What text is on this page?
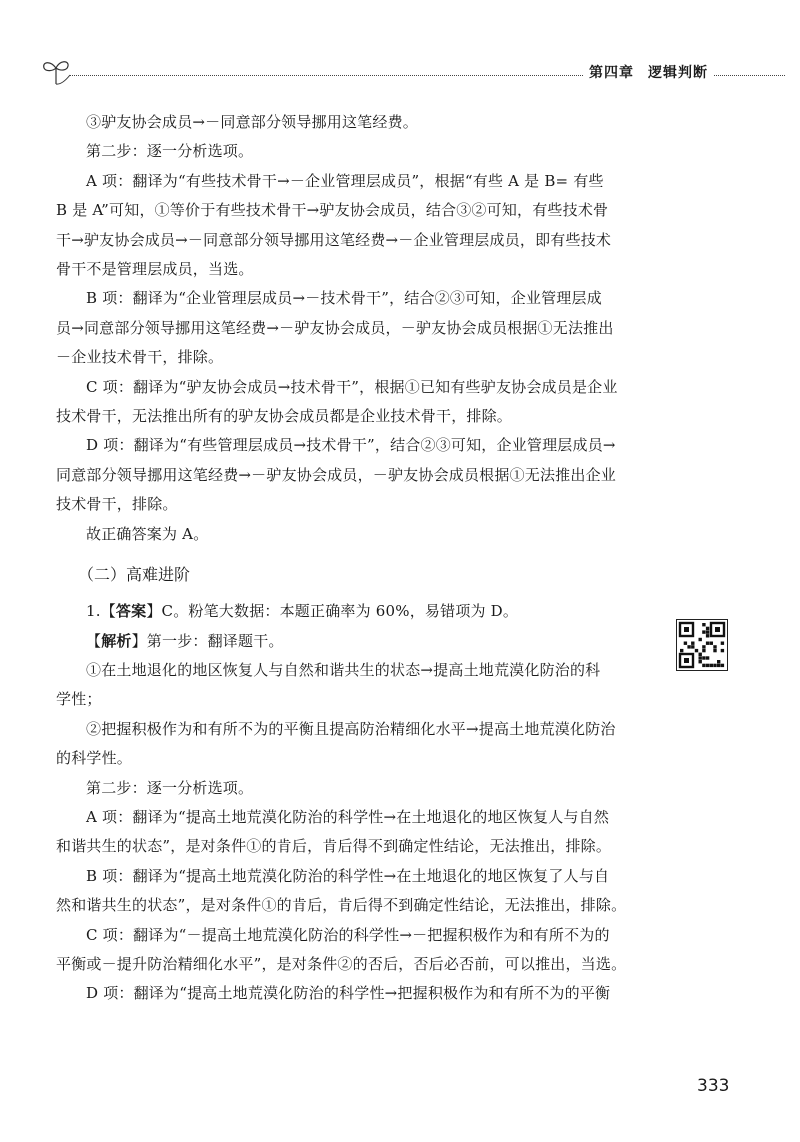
第四章 逻辑判断
③驴友协会成员→－同意部分领导挪用这笔经费。
第二步：逐一分析选项。
A 项：翻译为“有些技术骨干→－企业管理层成员”，根据“有些 A 是 B= 有些
B 是 A”可知，①等价于有些技术骨干→驴友协会成员，结合③②可知，有些技术骨
干→驴友协会成员→－同意部分领导挪用这笔经费→－企业管理层成员，即有些技术
骨干不是管理层成员，当选。
B 项：翻译为“企业管理层成员→－技术骨干”，结合②③可知，企业管理层成
员→同意部分领导挪用这笔经费→－驴友协会成员，－驴友协会成员根据①无法推出
－企业技术骨干，排除。
C 项：翻译为“驴友协会成员→技术骨干”，根据①已知有些驴友协会成员是企业
技术骨干，无法推出所有的驴友协会成员都是企业技术骨干，排除。
D 项：翻译为“有些管理层成员→技术骨干”，结合②③可知，企业管理层成员→
同意部分领导挪用这笔经费→－驴友协会成员，－驴友协会成员根据①无法推出企业
技术骨干，排除。
故正确答案为 A。
（二）高难进阶
1.【答案】C。粉笔大数据：本题正确率为 60%，易错项为 D。
【解析】第一步：翻译题干。
①在土地退化的地区恢复人与自然和谐共生的状态→提高土地荒漠化防治的科
学性；
②把握积极作为和有所不为的平衡且提高防治精细化水平→提高土地荒漠化防治
的科学性。
第二步：逐一分析选项。
A 项：翻译为“提高土地荒漠化防治的科学性→在土地退化的地区恢复人与自然
和谐共生的状态”，是对条件①的肯后，肯后得不到确定性结论，无法推出，排除。
B 项：翻译为“提高土地荒漠化防治的科学性→在土地退化的地区恢复了人与自
然和谐共生的状态”，是对条件①的肯后，肯后得不到确定性结论，无法推出，排除。
C 项：翻译为“－提高土地荒漠化防治的科学性→－把握积极作为和有所不为的
平衡或－提升防治精细化水平”，是对条件②的否后，否后必否前，可以推出，当选。
D 项：翻译为“提高土地荒漠化防治的科学性→把握积极作为和有所不为的平衡
333
